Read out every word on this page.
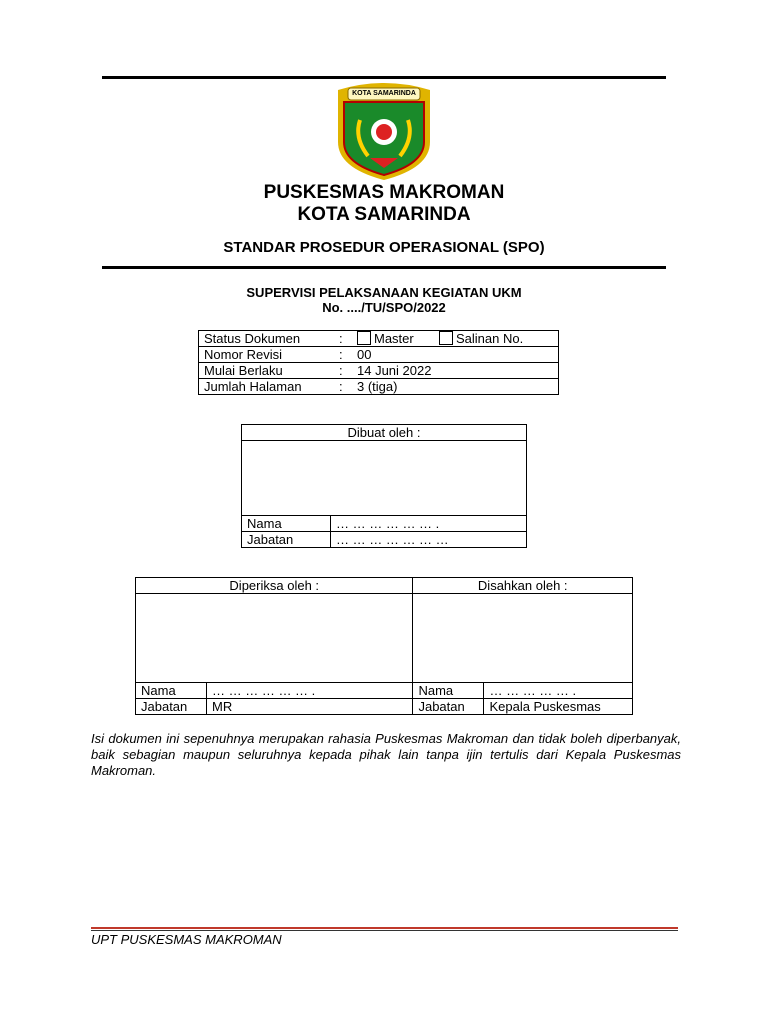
KOTA SAMARINDA
PUSKESMAS MAKROMAN
KOTA SAMARINDA
STANDAR PROSEDUR OPERASIONAL (SPO)
SUPERVISI PELAKSANAAN KEGIATAN UKM
No. ..../TU/SPO/2022
Status Dokumen	:	Master Salinan No.
Nomor Revisi	:	00
Mulai Berlaku	:	14 Juni 2022
Jumlah Halaman	:	3 (tiga)
Dibuat oleh :	

Nama	… … … … … … .
Jabatan	… … … … … … …
Diperiksa oleh :		Disahkan oleh :	

Nama	… … … … … … .	Nama	… … … … … .
Jabatan	MR	Jabatan	Kepala Puskesmas
Isi dokumen ini sepenuhnya merupakan rahasia Puskesmas Makroman dan tidak boleh diperbanyak, baik sebagian maupun seluruhnya kepada pihak lain tanpa ijin tertulis dari Kepala Puskesmas Makroman.
UPT PUSKESMAS MAKROMAN
